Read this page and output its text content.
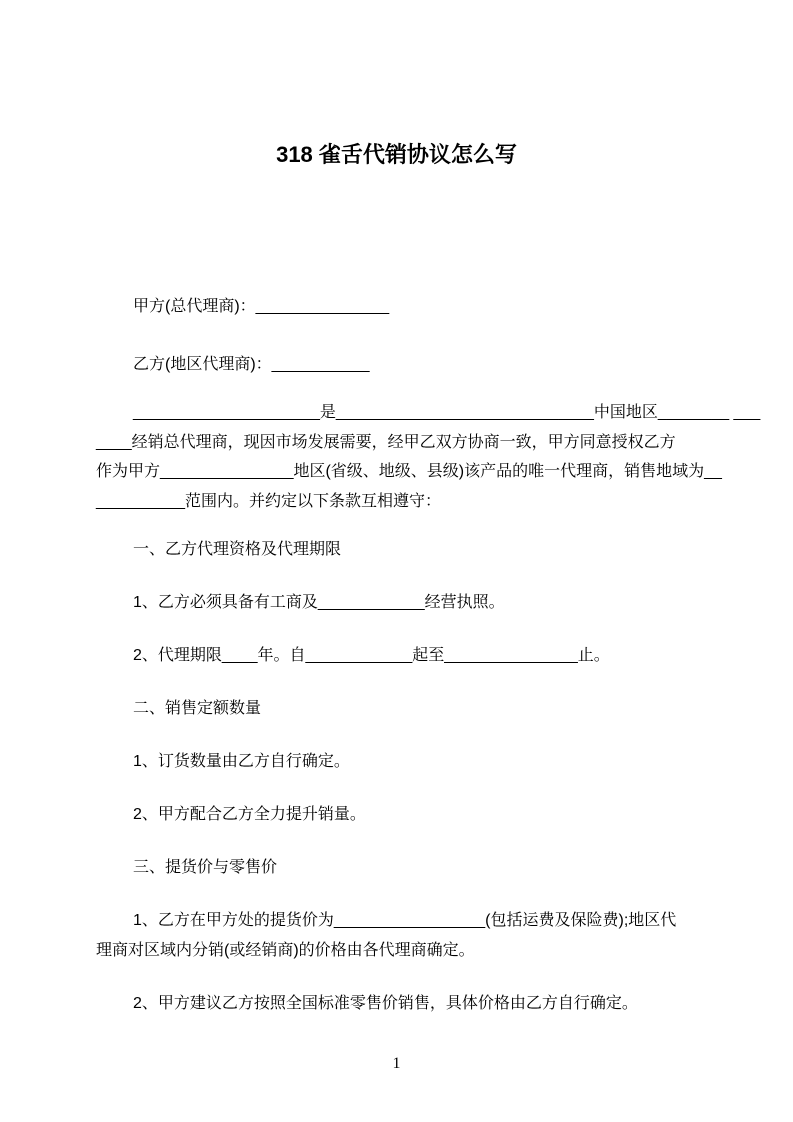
318 雀舌代销协议怎么写

甲方(总代理商)：_______________

乙方(地区代理商)：___________

_____________________是_____________________________中国地区________ ___
____经销总代理商，现因市场发展需要，经甲乙双方协商一致，甲方同意授权乙方
作为甲方_______________地区(省级、地级、县级)该产品的唯一代理商，销售地域为__
__________范围内。并约定以下条款互相遵守：

一、乙方代理资格及代理期限

1、乙方必须具备有工商及____________经营执照。

2、代理期限____年。自____________起至_______________止。

二、销售定额数量

1、订货数量由乙方自行确定。

2、甲方配合乙方全力提升销量。

三、提货价与零售价

1、乙方在甲方处的提货价为_________________(包括运费及保险费);地区代
理商对区域内分销(或经销商)的价格由各代理商确定。

2、甲方建议乙方按照全国标准零售价销售，具体价格由乙方自行确定。

1
